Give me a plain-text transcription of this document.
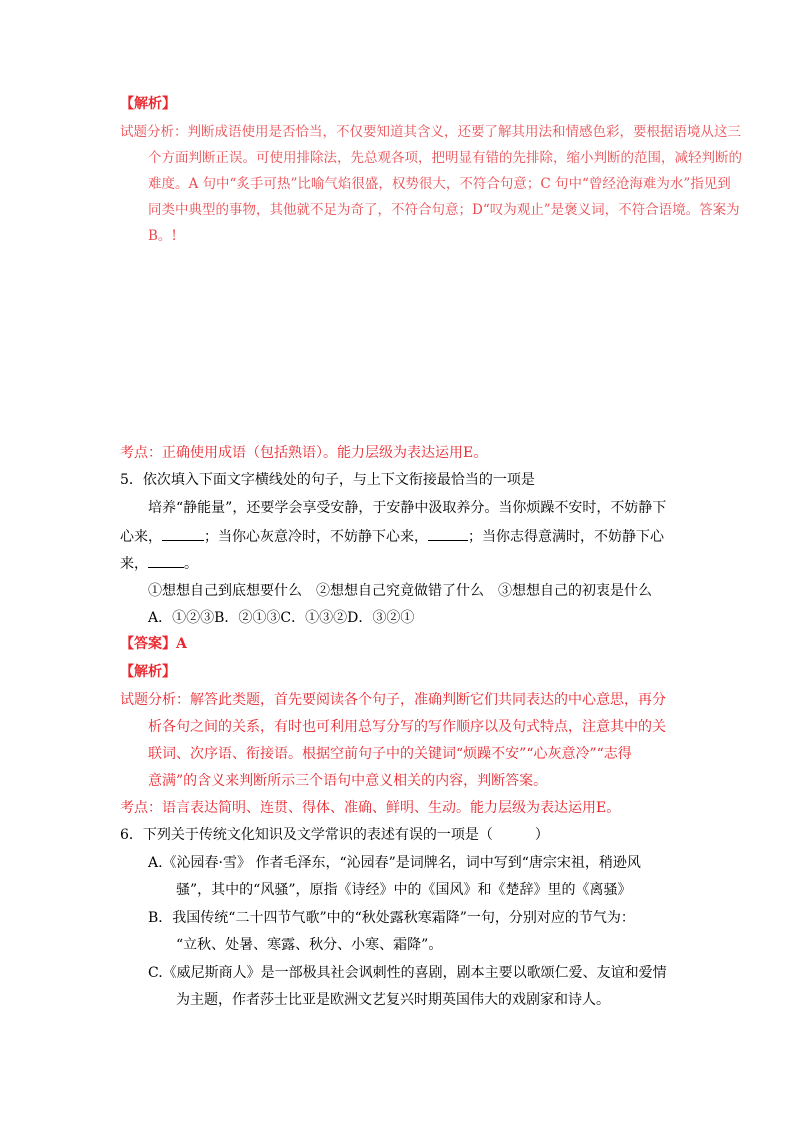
【解析】
试题分析：判断成语使用是否恰当，不仅要知道其含义，还要了解其用法和情感色彩，要根据语境从这三
个方面判断正误。可使用排除法，先总观各项，把明显有错的先排除，缩小判断的范围，减轻判断的
难度。A 句中“炙手可热”比喻气焰很盛，权势很大，不符合句意；C 句中“曾经沧海难为水”指见到
同类中典型的事物，其他就不足为奇了，不符合句意；D“叹为观止”是褒义词，不符合语境。答案为
B。!
考点：正确使用成语（包括熟语）。能力层级为表达运用E。
5．依次填入下面文字横线处的句子，与上下文衔接最恰当的一项是
培养“静能量”，还要学会享受安静，于安静中汲取养分。当你烦躁不安时，不妨静下
心来，	；当你心灰意冷时，不妨静下心来，	；当你志得意满时，不妨静下心
来，	。
①想想自己到底想要什么　②想想自己究竟做错了什么　③想想自己的初衷是什么
A．①②③B．②①③C．①③②D．③②①
【答案】A
【解析】
试题分析：解答此类题，首先要阅读各个句子，准确判断它们共同表达的中心意思，再分
析各句之间的关系，有时也可利用总写分写的写作顺序以及句式特点，注意其中的关
联词、次序语、衔接语。根据空前句子中的关键词“烦躁不安”“心灰意冷”“志得
意满”的含义来判断所示三个语句中意义相关的内容，判断答案。
考点：语言表达简明、连贯、得体、准确、鲜明、生动。能力层级为表达运用E。
6．下列关于传统文化知识及文学常识的表述有误的一项是（　　　）
A.《沁园春·雪》 作者毛泽东，“沁园春”是词牌名，词中写到“唐宗宋祖，稍逊风
骚”，其中的“风骚”，原指《诗经》中的《国风》和《楚辞》里的《离骚》
B．我国传统“二十四节气歌”中的“秋处露秋寒霜降”一句，分别对应的节气为：
“立秋、处暑、寒露、秋分、小寒、霜降”。
C.《威尼斯商人》是一部极具社会讽刺性的喜剧，剧本主要以歌颂仁爱、友谊和爱情
为主题，作者莎士比亚是欧洲文艺复兴时期英国伟大的戏剧家和诗人。
